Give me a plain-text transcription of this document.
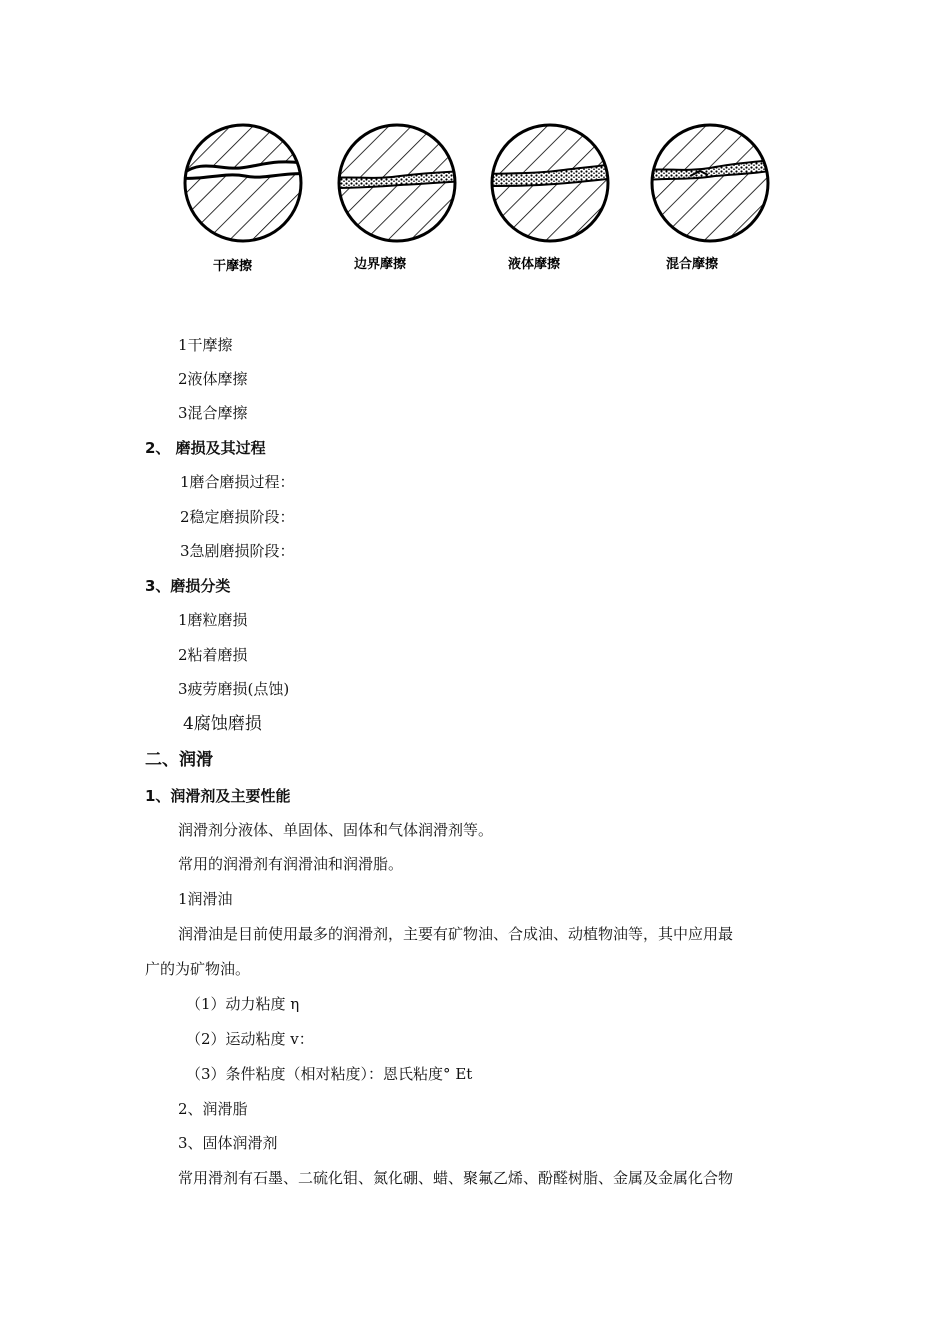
干摩擦	边界摩擦	液体摩擦	混合摩擦
1干摩擦
2液体摩擦
3混合摩擦
2、 磨损及其过程
1磨合磨损过程：
2稳定磨损阶段：
3急剧磨损阶段：
3、磨损分类
1磨粒磨损
2粘着磨损
3疲劳磨损(点蚀)
4腐蚀磨损
二、润滑
1、润滑剂及主要性能
润滑剂分液体、单固体、固体和气体润滑剂等。
常用的润滑剂有润滑油和润滑脂。
1润滑油
润滑油是目前使用最多的润滑剂，主要有矿物油、合成油、动植物油等，其中应用最
广的为矿物油。
（1）动力粘度 η
（2）运动粘度 v：
（3）条件粘度（相对粘度）：恩氏粘度° Et
2、润滑脂
3、固体润滑剂
常用滑剂有石墨、二硫化钼、氮化硼、蜡、聚氟乙烯、酚醛树脂、金属及金属化合物
